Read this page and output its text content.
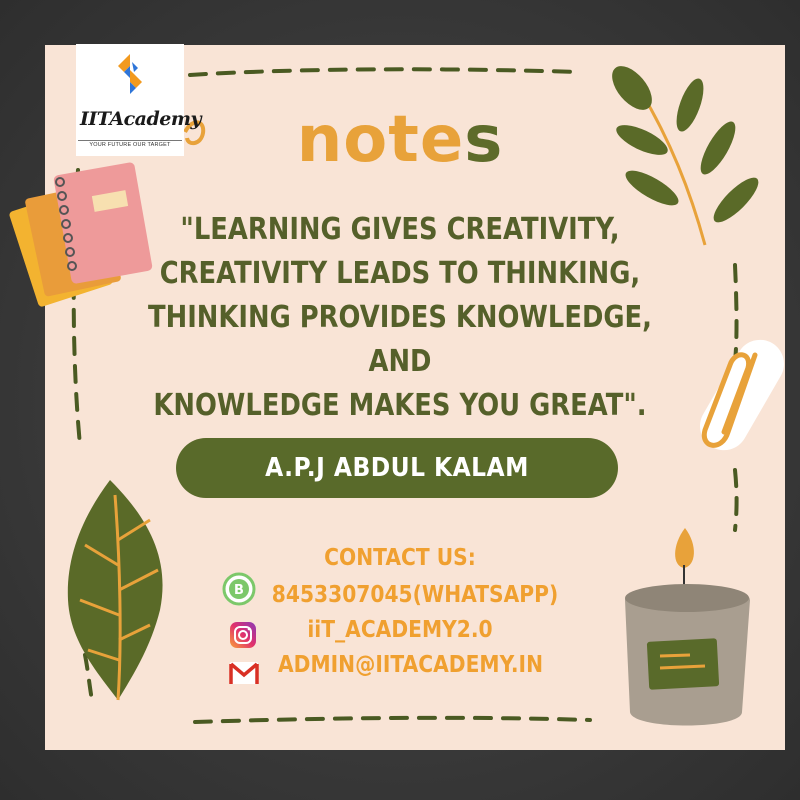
IITAcademy
YOUR FUTURE OUR TARGET	notes
"LEARNING GIVES CREATIVITY,
CREATIVITY LEADS TO THINKING,
THINKING PROVIDES KNOWLEDGE, AND
KNOWLEDGE MAKES YOU GREAT".
A.P.J ABDUL KALAM
CONTACT US:
B 8453307045(WHATSAPP)
iiT_ACADEMY2.0
ADMIN@IITACADEMY.IN
